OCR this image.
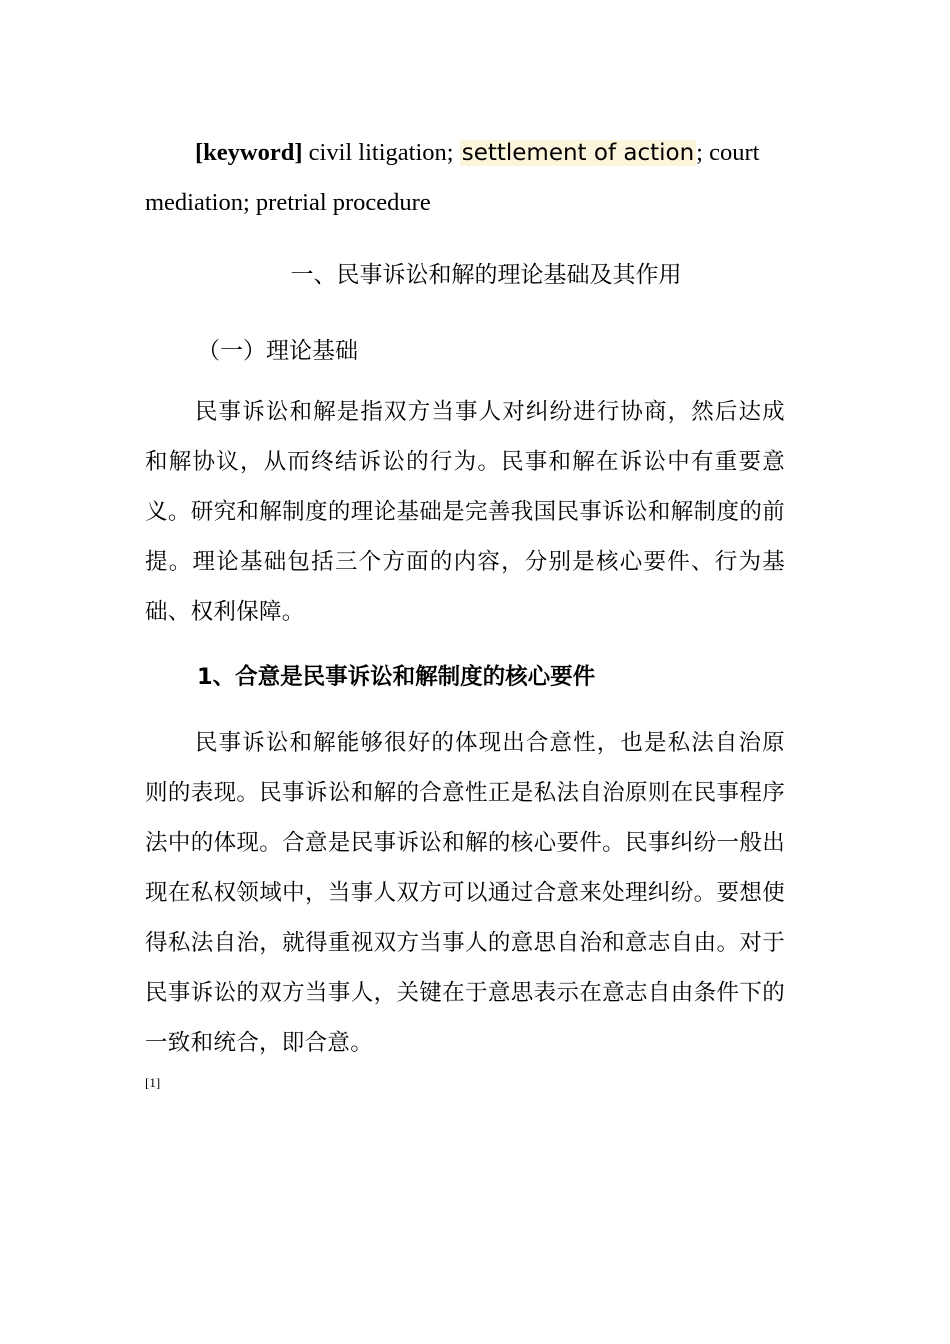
[keyword] civil litigation; settlement of action; court mediation; pretrial procedure
一、民事诉讼和解的理论基础及其作用
（一）理论基础
民事诉讼和解是指双方当事人对纠纷进行协商，然后达成和解协议，从而终结诉讼的行为。民事和解在诉讼中有重要意义。研究和解制度的理论基础是完善我国民事诉讼和解制度的前提。理论基础包括三个方面的内容，分别是核心要件、行为基础、权利保障。
1、合意是民事诉讼和解制度的核心要件
民事诉讼和解能够很好的体现出合意性，也是私法自治原则的表现。民事诉讼和解的合意性正是私法自治原则在民事程序法中的体现。合意是民事诉讼和解的核心要件。民事纠纷一般出现在私权领域中，当事人双方可以通过合意来处理纠纷。要想使得私法自治，就得重视双方当事人的意思自治和意志自由。对于民事诉讼的双方当事人，关键在于意思表示在意志自由条件下的一致和统合，即合意。
[1]
